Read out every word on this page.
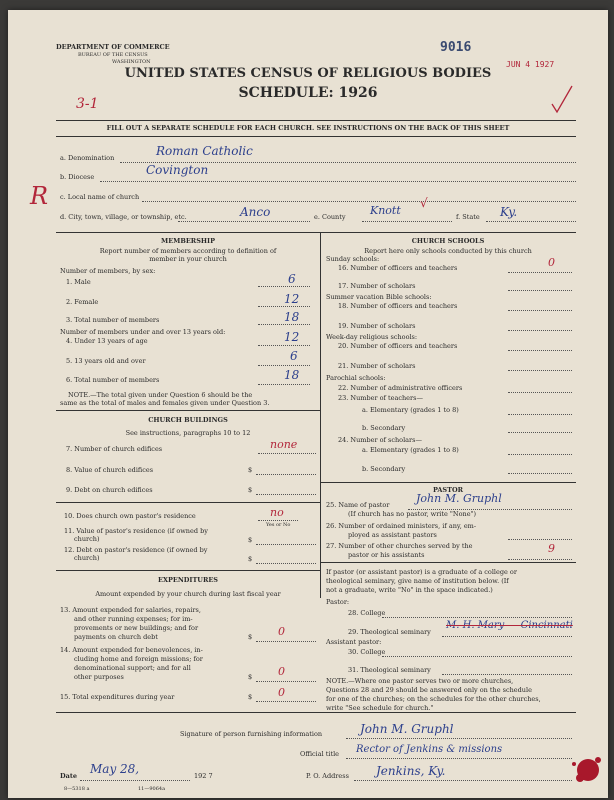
DEPARTMENT OF COMMERCE
BUREAU OF THE CENSUS
WASHINGTON
9016
JUN 4 1927
UNITED STATES CENSUS OF RELIGIOUS BODIES
SCHEDULE: 1926
3-1
FILL OUT A SEPARATE SCHEDULE FOR EACH CHURCH. SEE INSTRUCTIONS ON THE BACK OF THIS SHEET
a. Denomination	Roman Catholic
b. Diocese	Covington
c. Local name of church
R
d. City, town, village, or township, etc.	Anco	e. County Knott
√
f. State Ky.
MEMBERSHIP
Report number of members according to definition of
member in your church
Number of members, by sex:
1. Male	6
2. Female	12
3. Total number of members	18
Number of members under and over 13 years old:
4. Under 13 years of age	12
5. 13 years old and over	6
6. Total number of members	18
NOTE.—The total given under Question 6 should be the
same as the total of males and females given under Question 3.
CHURCH BUILDINGS
See instructions, paragraphs 10 to 12
7. Number of church edifices	none
8. Value of church edifices	$
9. Debt on church edifices	$
10. Does church own pastor's residence	no
Yes or No
11. Value of pastor's residence (if owned by
church)	$
12. Debt on pastor's residence (if owned by
church)	$
EXPENDITURES
Amount expended by your church during last fiscal year
13. Amount expended for salaries, repairs,
and other running expenses; for im-
provements or new buildings; and for
payments on church debt	$ 0
14. Amount expended for benevolences, in-
cluding home and foreign missions; for
denominational support; and for all
other purposes	$ 0
15. Total expenditures during year	$ 0
CHURCH SCHOOLS
Report here only schools conducted by this church
Sunday schools:
16. Number of officers and teachers	0
17. Number of scholars
Summer vacation Bible schools:
18. Number of officers and teachers
19. Number of scholars
Week-day religious schools:
20. Number of officers and teachers
21. Number of scholars
Parochial schools:
22. Number of administrative officers
23. Number of teachers—
a. Elementary (grades 1 to 8)
b. Secondary
24. Number of scholars—
a. Elementary (grades 1 to 8)
b. Secondary
PASTOR
25. Name of pastor John M. Gruphl
(If church has no pastor, write "None")
26. Number of ordained ministers, if any, em-
ployed as assistant pastors
27. Number of other churches served by the
pastor or his assistants	9
If pastor (or assistant pastor) is a graduate of a college or
theological seminary, give name of institution below. (If
not a graduate, write "No" in the space indicated.)
Pastor:
28. College
29. Theological seminary
M. H. Mary — Cincinnati
Assistant pastor:
30. College
31. Theological seminary
NOTE.—Where one pastor serves two or more churches,
Questions 28 and 29 should be answered only on the schedule
for one of the churches; on the schedules for the other churches,
write "See schedule for church."
Signature of person furnishing information	John M. Gruphl
Official title Rector of Jenkins & missions
Date May 28,	192 7	P. O. Address Jenkins, Ky.
8—5318 a	11—9064a
